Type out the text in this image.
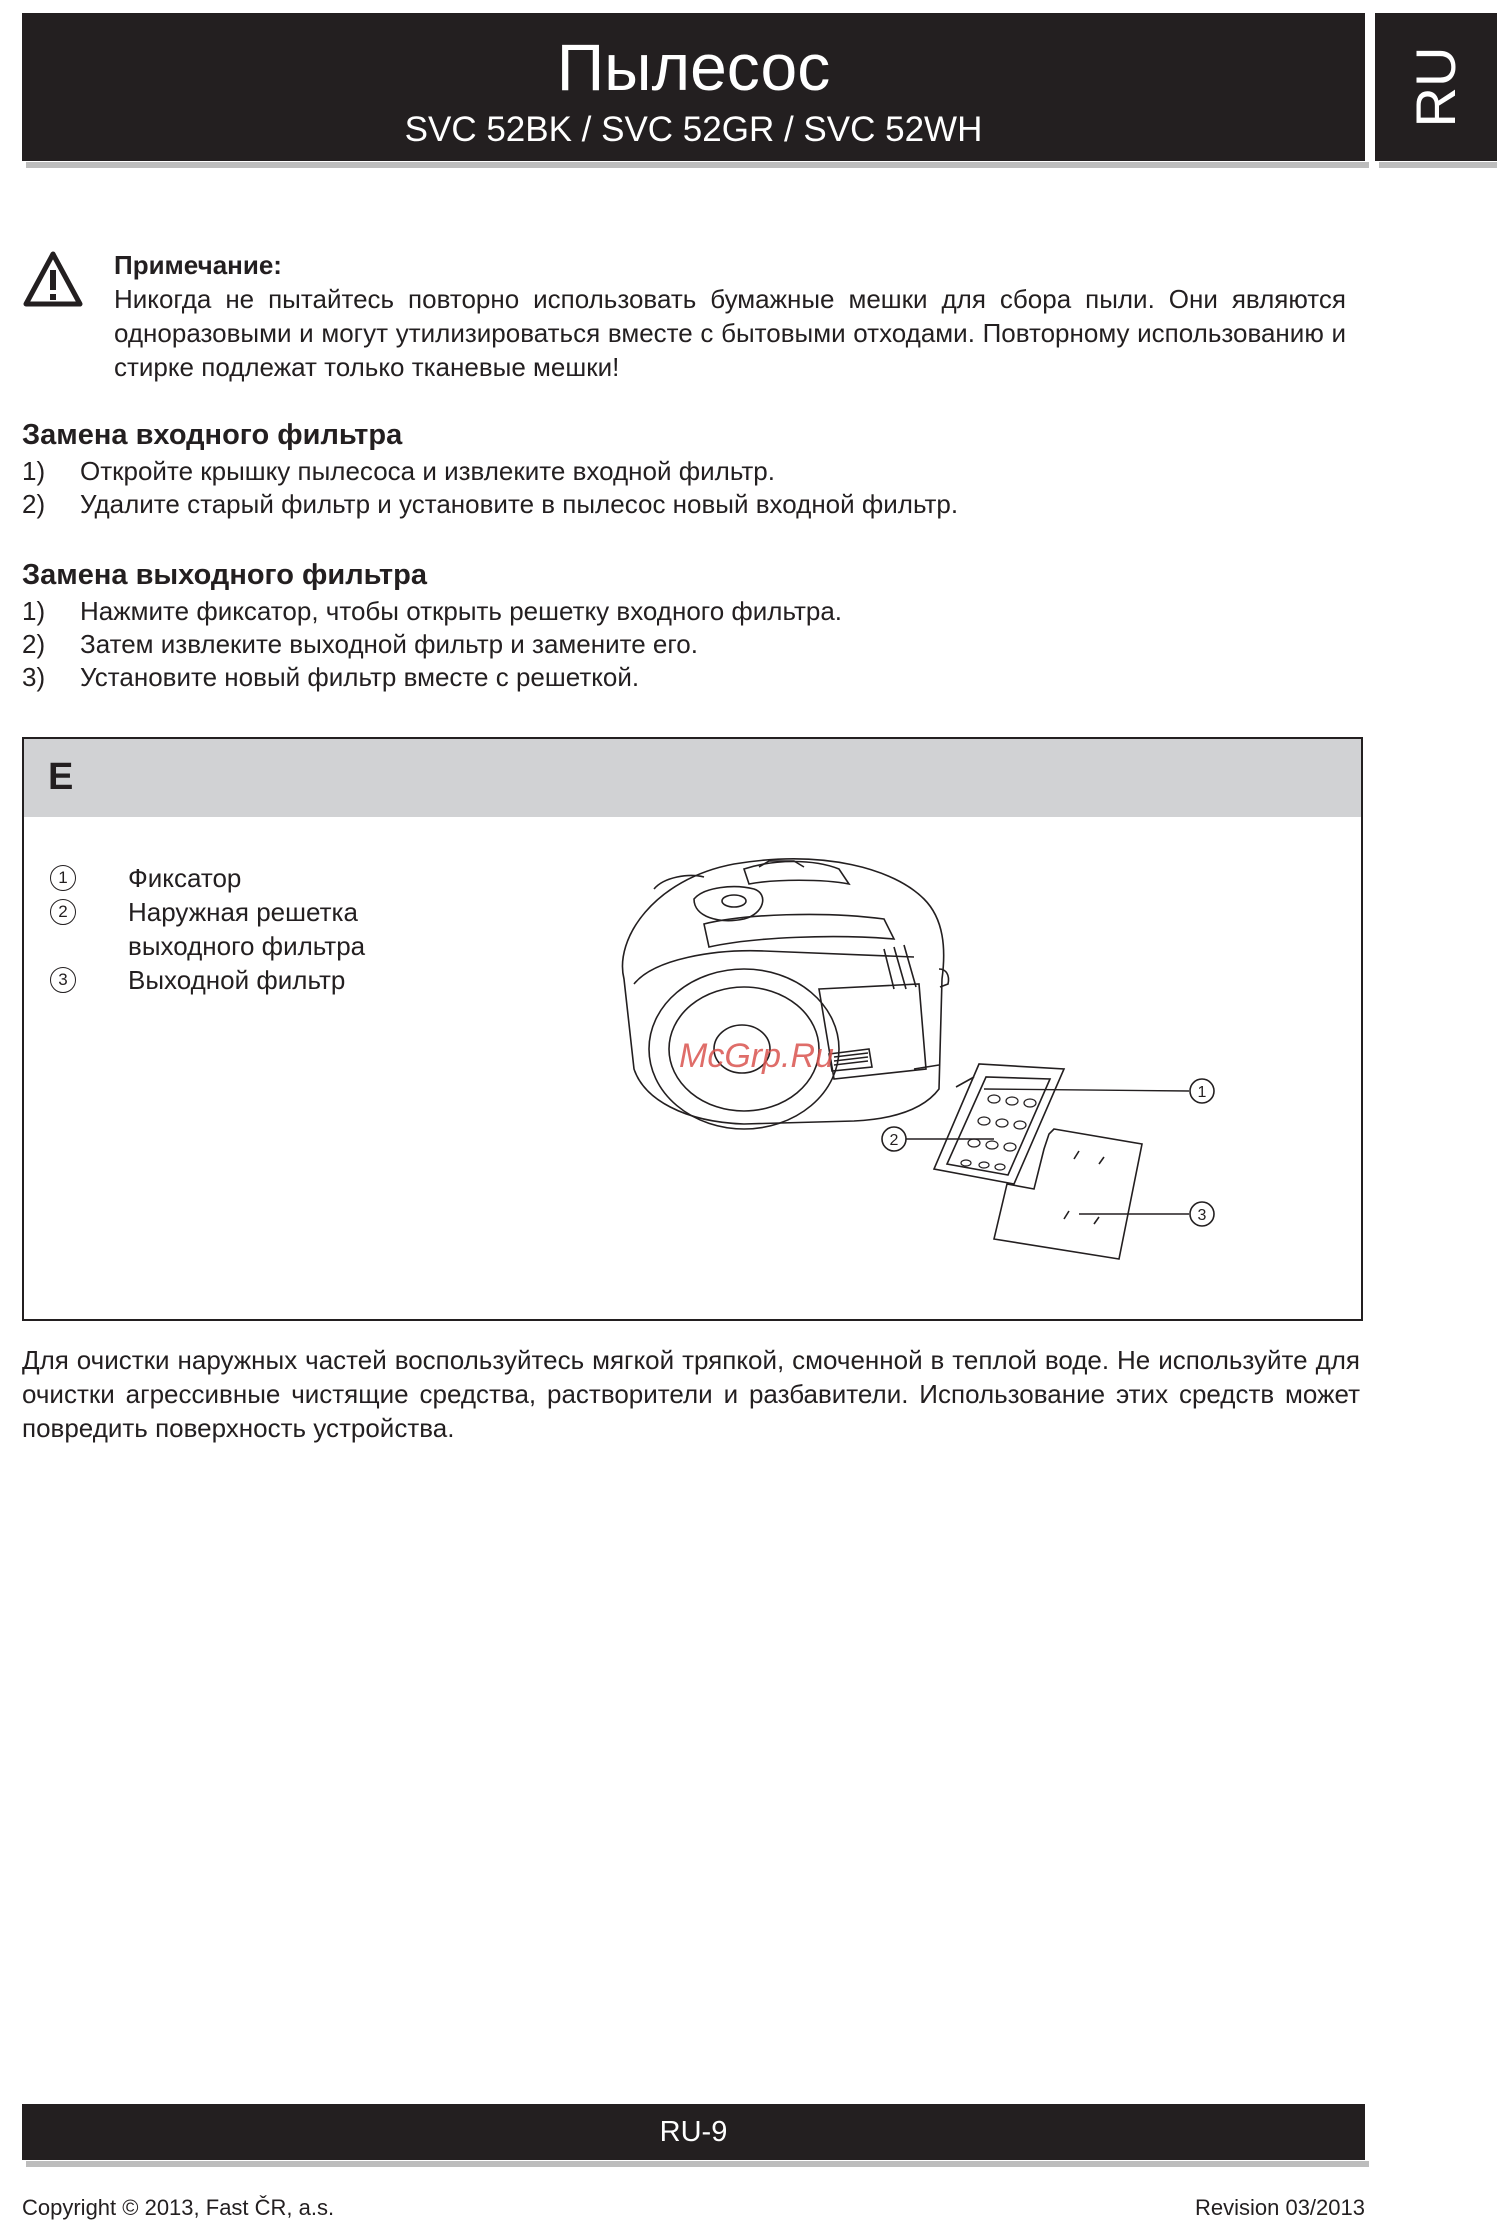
Пылесос
SVC 52BK / SVC 52GR / SVC 52WH
RU
Примечание:
Никогда не пытайтесь повторно использовать бумажные мешки для сбора пыли. Они являются одноразовыми и могут утилизироваться вместе с бытовыми отходами. Повторному использованию и стирке подлежат только тканевые мешки!
Замена входного фильтра
1) Откройте крышку пылесоса и извлеките входной фильтр.
2) Удалите старый фильтр и установите в пылесос новый входной фильтр.
Замена выходного фильтра
1) Нажмите фиксатор, чтобы открыть решетку входного фильтра.
2) Затем извлеките выходной фильтр и замените его.
3) Установите новый фильтр вместе с решеткой.
E
1	Фиксатор
2	Наружная решетка
выходного фильтра
3	Выходной фильтр
1
2
3
McGrp.Ru
Для очистки наружных частей воспользуйтесь мягкой тряпкой, смоченной в теплой воде. Не используйте для очистки агрессивные чистящие средства, растворители и разбавители. Использование этих средств может повредить поверхность устройства.
RU-9
Copyright © 2013, Fast ČR, a.s.	Revision 03/2013
